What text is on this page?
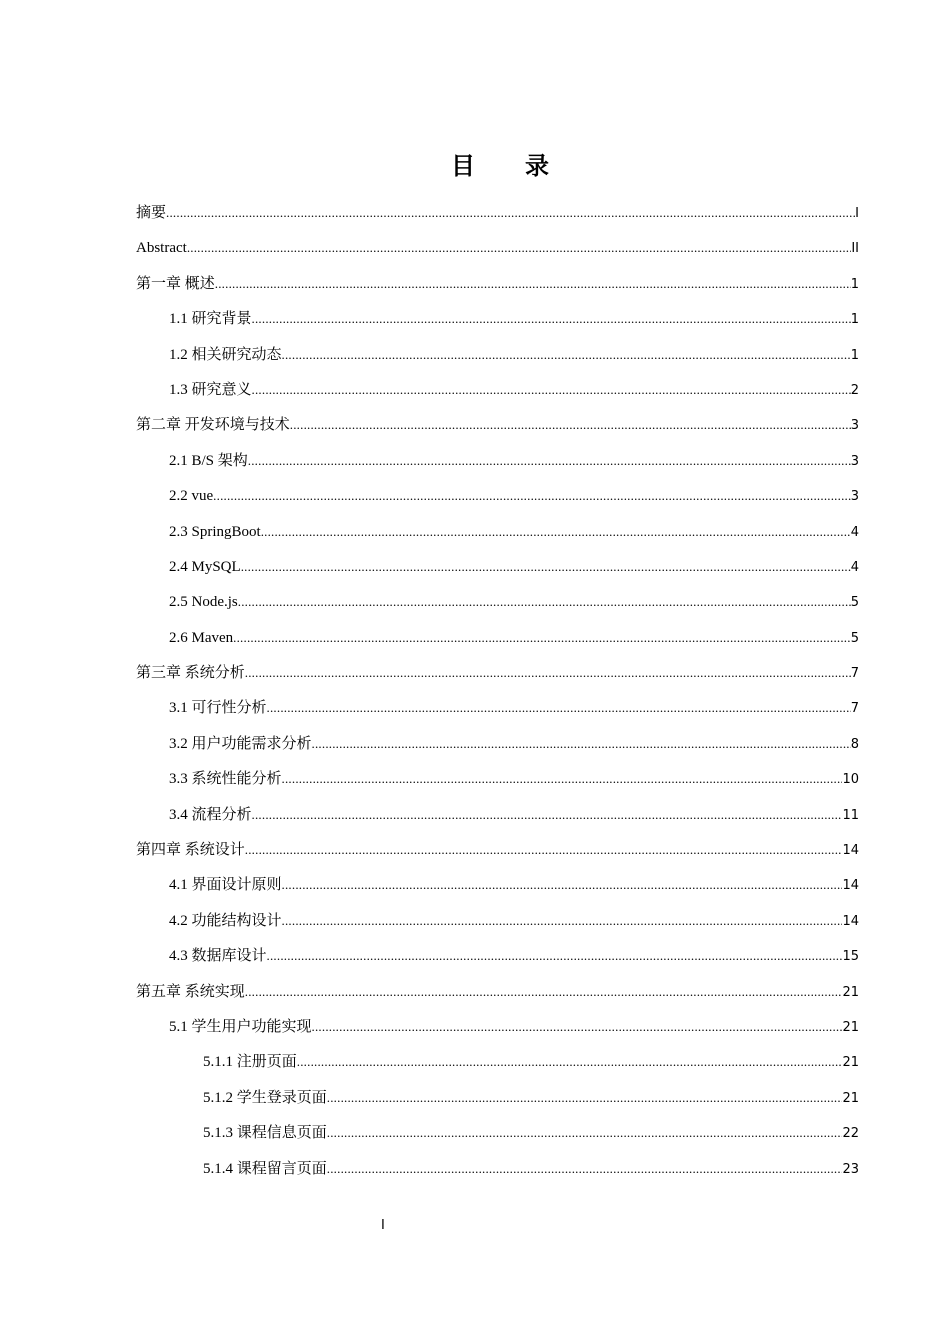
目 录
摘要 .....	I
Abstract .....	II
第一章 概述 .....	1
1.1 研究背景 .....	1
1.2 相关研究动态 .....	1
1.3 研究意义 .....	2
第二章 开发环境与技术 .....	3
2.1 B/S 架构 .....	3
2.2 vue .....	3
2.3 SpringBoot .....	4
2.4 MySQL .....	4
2.5 Node.js .....	5
2.6 Maven .....	5
第三章 系统分析 .....	7
3.1 可行性分析 .....	7
3.2 用户功能需求分析 .....	8
3.3 系统性能分析 .....	10
3.4 流程分析 .....	11
第四章 系统设计 .....	14
4.1 界面设计原则 .....	14
4.2 功能结构设计 .....	14
4.3 数据库设计 .....	15
第五章 系统实现 .....	21
5.1 学生用户功能实现 .....	21
5.1.1 注册页面 .....	21
5.1.2 学生登录页面 .....	21
5.1.3 课程信息页面 .....	22
5.1.4 课程留言页面 .....	23
I
